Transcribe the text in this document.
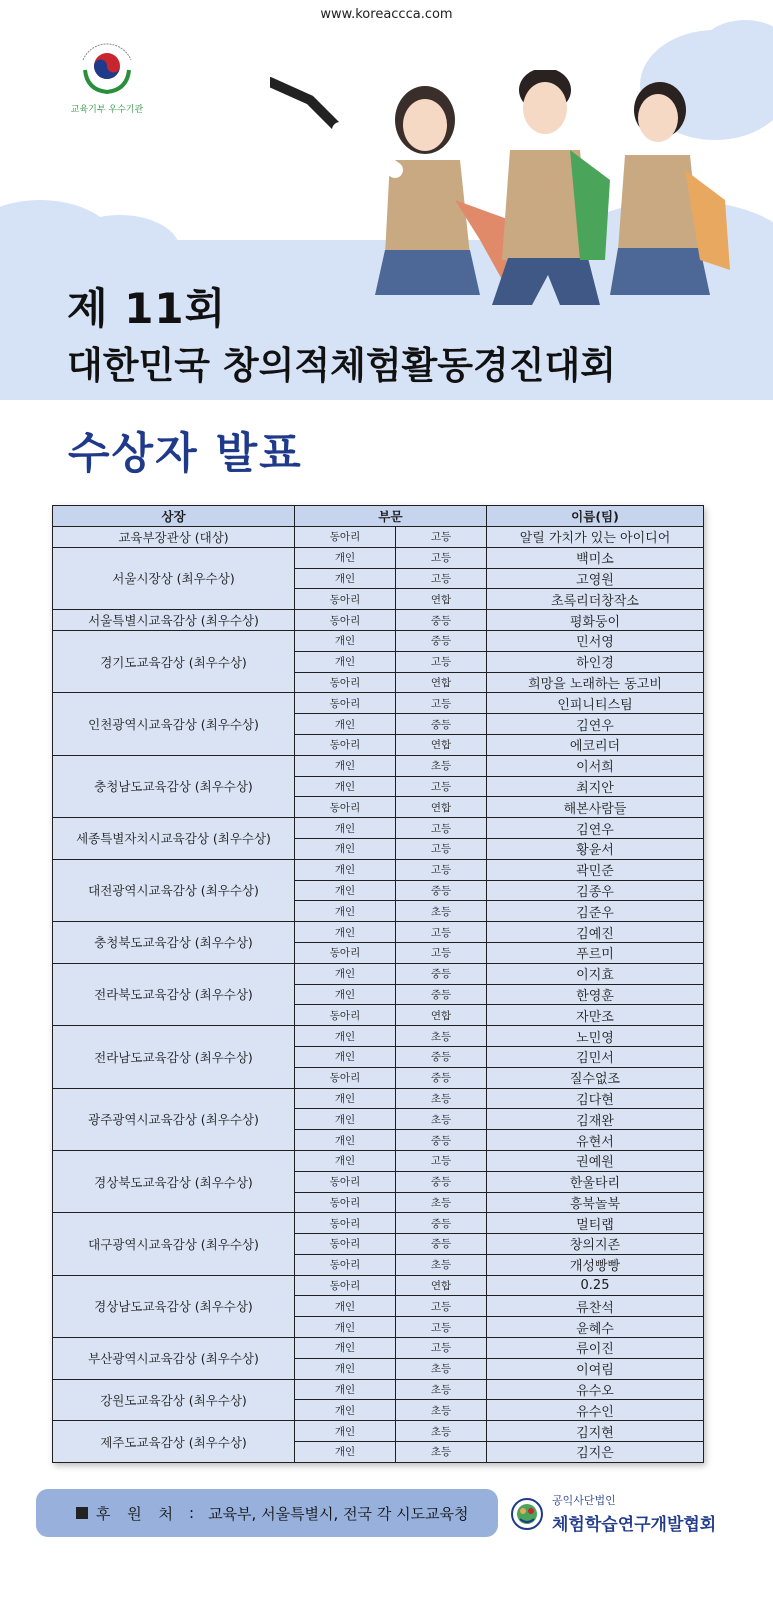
www.koreaccca.com
교육기부 우수기관
제 11회
대한민국 창의적체험활동경진대회
수상자 발표
상장	부문		이름(팀)
교육부장관상 (대상)	동아리	고등	알릴 가치가 있는 아이디어
서울시장상 (최우수상)	개인	고등	백미소
	개인	고등	고영원
	동아리	연합	초록리더창작소
서울특별시교육감상 (최우수상)	동아리	중등	평화둥이
경기도교육감상 (최우수상)	개인	중등	민서영
	개인	고등	하인경
	동아리	연합	희망을 노래하는 동고비
인천광역시교육감상 (최우수상)	동아리	고등	인피니티스팀
	개인	중등	김연우
	동아리	연합	에코리더
충청남도교육감상 (최우수상)	개인	초등	이서희
	개인	고등	최지안
	동아리	연합	해본사람들
세종특별자치시교육감상 (최우수상)	개인	고등	김연우
	개인	고등	황윤서
대전광역시교육감상 (최우수상)	개인	고등	곽민준
	개인	중등	김종우
	개인	초등	김준우
충청북도교육감상 (최우수상)	개인	고등	김예진
	동아리	고등	푸르미
전라북도교육감상 (최우수상)	개인	중등	이지효
	개인	중등	한영훈
	동아리	연합	자만조
전라남도교육감상 (최우수상)	개인	초등	노민영
	개인	중등	김민서
	동아리	중등	질수없조
광주광역시교육감상 (최우수상)	개인	초등	김다현
	개인	초등	김재완
	개인	중등	유현서
경상북도교육감상 (최우수상)	개인	고등	권예원
	동아리	중등	한울타리
	동아리	초등	흥북놀북
대구광역시교육감상 (최우수상)	동아리	중등	멀티랩
	동아리	중등	창의지존
	동아리	초등	개성빵빵
경상남도교육감상 (최우수상)	동아리	연합	0.25
	개인	고등	류찬석
	개인	고등	윤혜수
부산광역시교육감상 (최우수상)	개인	고등	류이진
	개인	초등	이여림
강원도교육감상 (최우수상)	개인	초등	유수오
	개인	초등	유수인
제주도교육감상 (최우수상)	개인	초등	김지현
	개인	초등	김지은
후 원 처 : 교육부, 서울특별시, 전국 각 시도교육청
공익사단법인
체험학습연구개발협회
